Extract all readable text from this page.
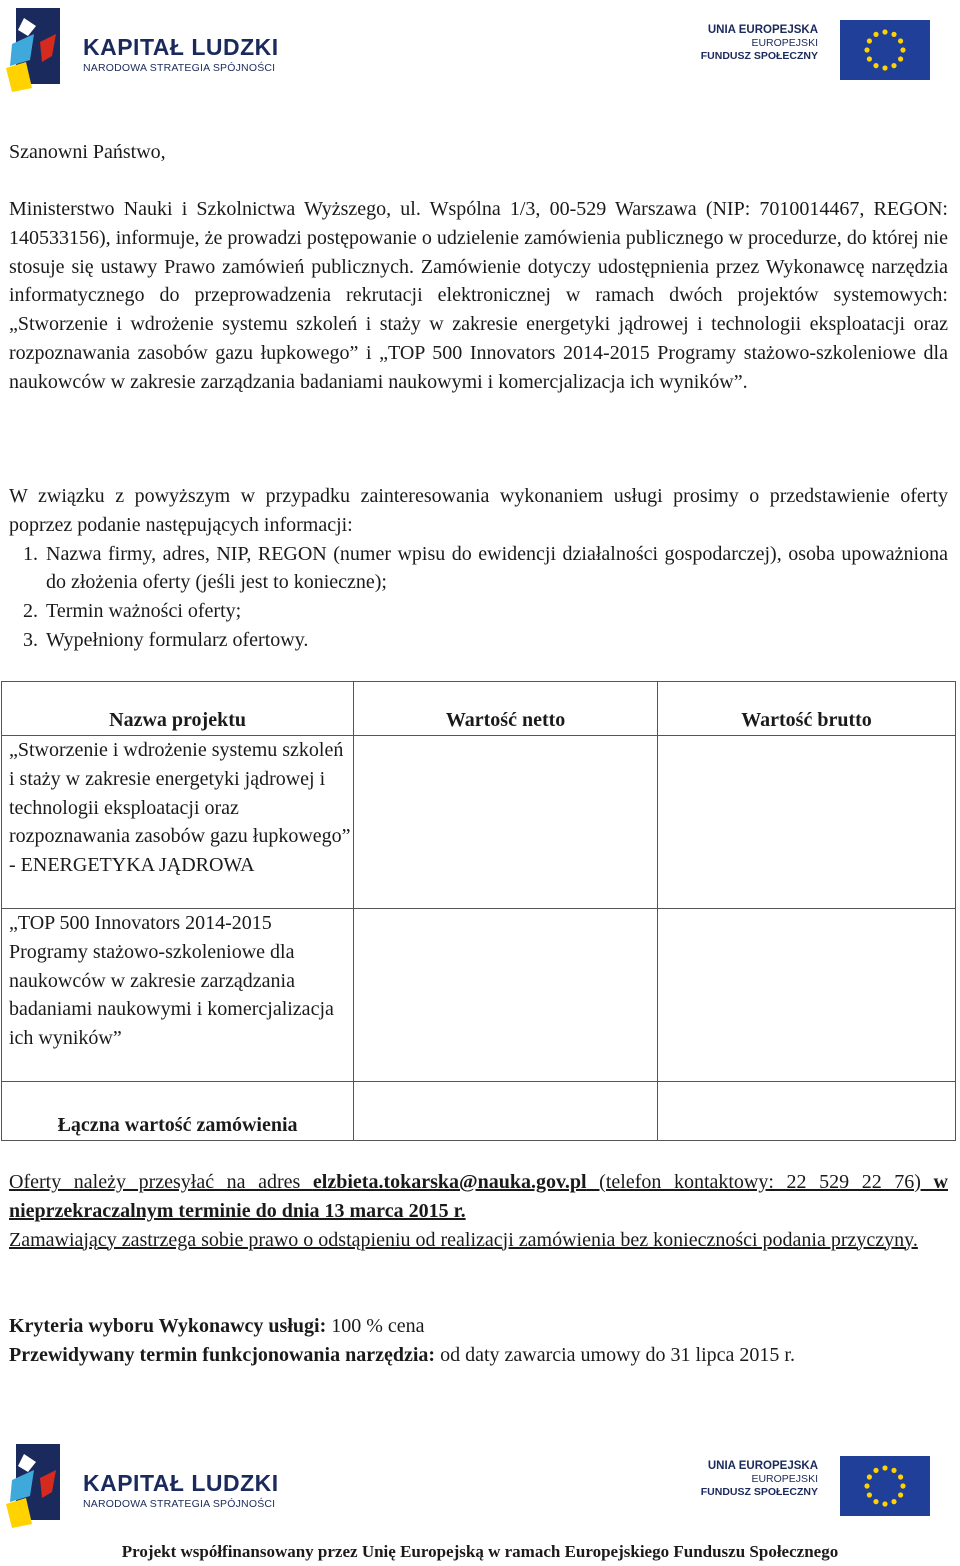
KAPITAŁ LUDZKI
NARODOWA STRATEGIA SPÓJNOŚCI
UNIA EUROPEJSKA
EUROPEJSKI
FUNDUSZ SPOŁECZNY

Szanowni Państwo,

Ministerstwo Nauki i Szkolnictwa Wyższego, ul. Wspólna 1/3, 00-529 Warszawa (NIP: 7010014467, REGON: 140533156), informuje, że prowadzi postępowanie o udzielenie zamówienia publicznego w procedurze, do której nie stosuje się ustawy Prawo zamówień publicznych. Zamówienie dotyczy udostępnienia przez Wykonawcę narzędzia informatycznego do przeprowadzenia rekrutacji elektronicznej w ramach dwóch projektów systemowych: „Stworzenie i wdrożenie systemu szkoleń i staży w zakresie energetyki jądrowej i technologii eksploatacji oraz rozpoznawania zasobów gazu łupkowego” i „TOP 500 Innovators 2014-2015 Programy stażowo-szkoleniowe dla naukowców w zakresie zarządzania badaniami naukowymi i komercjalizacja ich wyników”.

W związku z powyższym w przypadku zainteresowania wykonaniem usługi prosimy o przedstawienie oferty poprzez podanie następujących informacji:

1. Nazwa firmy, adres, NIP, REGON (numer wpisu do ewidencji działalności gospodarczej), osoba upoważniona do złożenia oferty (jeśli jest to konieczne);
2. Termin ważności oferty;
3. Wypełniony formularz ofertowy.
Nazwa projektu	Wartość netto	Wartość brutto
„Stworzenie i wdrożenie systemu szkoleń i staży w zakresie energetyki jądrowej i technologii eksploatacji oraz rozpoznawania zasobów gazu łupkowego” - ENERGETYKA JĄDROWA		
„TOP 500 Innovators 2014-2015 Programy stażowo-szkoleniowe dla naukowców w zakresie zarządzania badaniami naukowymi i komercjalizacja ich wyników”		
Łączna wartość zamówienia		

Oferty należy przesyłać na adres elzbieta.tokarska@nauka.gov.pl (telefon kontaktowy: 22 529 22 76) w nieprzekraczalnym terminie do dnia 13 marca 2015 r.

Zamawiający zastrzega sobie prawo o odstąpieniu od realizacji zamówienia bez konieczności podania przyczyny.

Kryteria wyboru Wykonawcy usługi: 100 % cena

Przewidywany termin funkcjonowania narzędzia: od daty zawarcia umowy do 31 lipca 2015 r.

KAPITAŁ LUDZKI
NARODOWA STRATEGIA SPÓJNOŚCI
UNIA EUROPEJSKA
EUROPEJSKI
FUNDUSZ SPOŁECZNY
Projekt współfinansowany przez Unię Europejską w ramach Europejskiego Funduszu Społecznego
